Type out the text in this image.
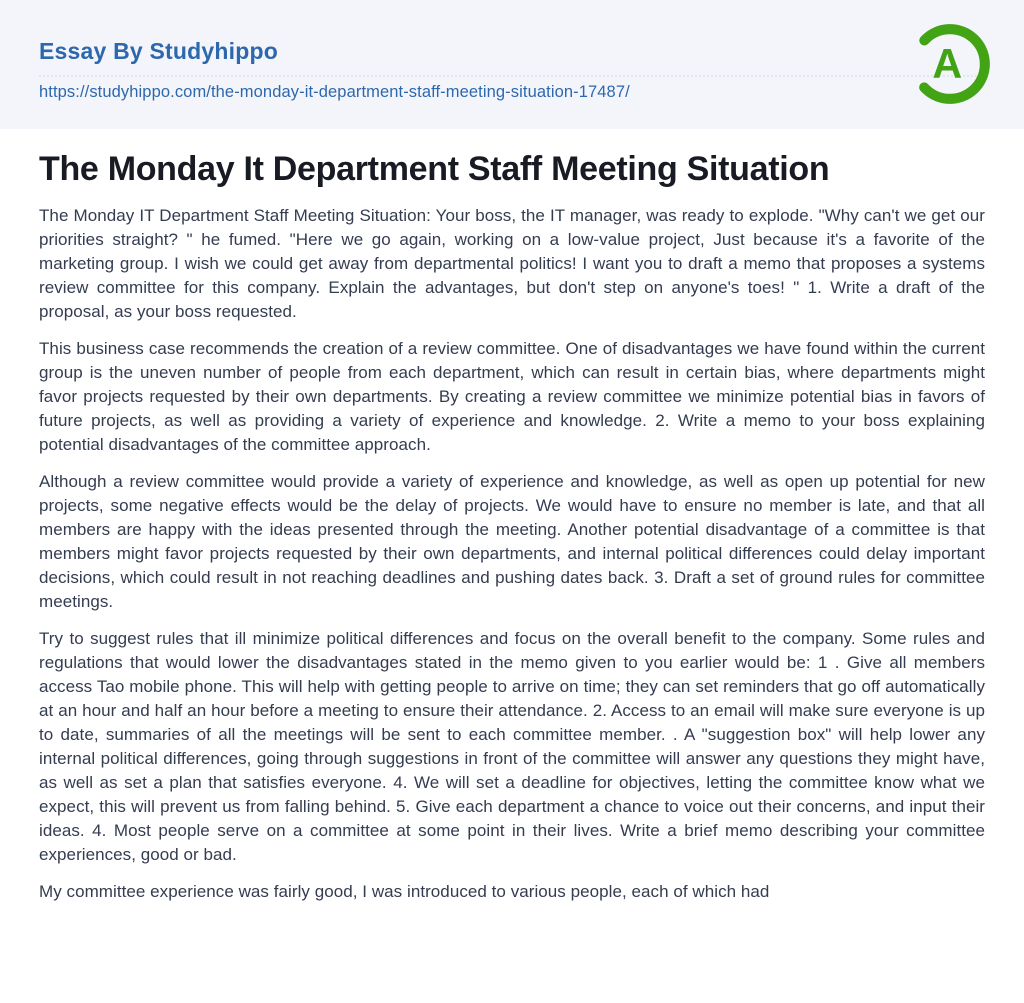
Essay By Studyhippo
https://studyhippo.com/the-monday-it-department-staff-meeting-situation-17487/
A
The Monday It Department Staff Meeting Situation

The Monday IT Department Staff Meeting Situation: Your boss, the IT manager, was ready to explode. "Why can't we get our priorities straight? " he fumed. "Here we go again, working on a low-value project, Just because it's a favorite of the marketing group. I wish we could get away from departmental politics! I want you to draft a memo that proposes a systems review committee for this company. Explain the advantages, but don't step on anyone's toes! " 1. Write a draft of the proposal, as your boss requested.

This business case recommends the creation of a review committee. One of disadvantages we have found within the current group is the uneven number of people from each department, which can result in certain bias, where departments might favor projects requested by their own departments. By creating a review committee we minimize potential bias in favors of future projects, as well as providing a variety of experience and knowledge. 2. Write a memo to your boss explaining potential disadvantages of the committee approach.

Although a review committee would provide a variety of experience and knowledge, as well as open up potential for new projects, some negative effects would be the delay of projects. We would have to ensure no member is late, and that all members are happy with the ideas presented through the meeting. Another potential disadvantage of a committee is that members might favor projects requested by their own departments, and internal political differences could delay important decisions, which could result in not reaching deadlines and pushing dates back. 3. Draft a set of ground rules for committee meetings.

Try to suggest rules that ill minimize political differences and focus on the overall benefit to the company. Some rules and regulations that would lower the disadvantages stated in the memo given to you earlier would be: 1 . Give all members access Tao mobile phone. This will help with getting people to arrive on time; they can set reminders that go off automatically at an hour and half an hour before a meeting to ensure their attendance. 2. Access to an email will make sure everyone is up to date, summaries of all the meetings will be sent to each committee member. . A "suggestion box" will help lower any internal political differences, going through suggestions in front of the committee will answer any questions they might have, as well as set a plan that satisfies everyone. 4. We will set a deadline for objectives, letting the committee know what we expect, this will prevent us from falling behind. 5. Give each department a chance to voice out their concerns, and input their ideas. 4. Most people serve on a committee at some point in their lives. Write a brief memo describing your committee experiences, good or bad.

My committee experience was fairly good, I was introduced to various people, each of which had
